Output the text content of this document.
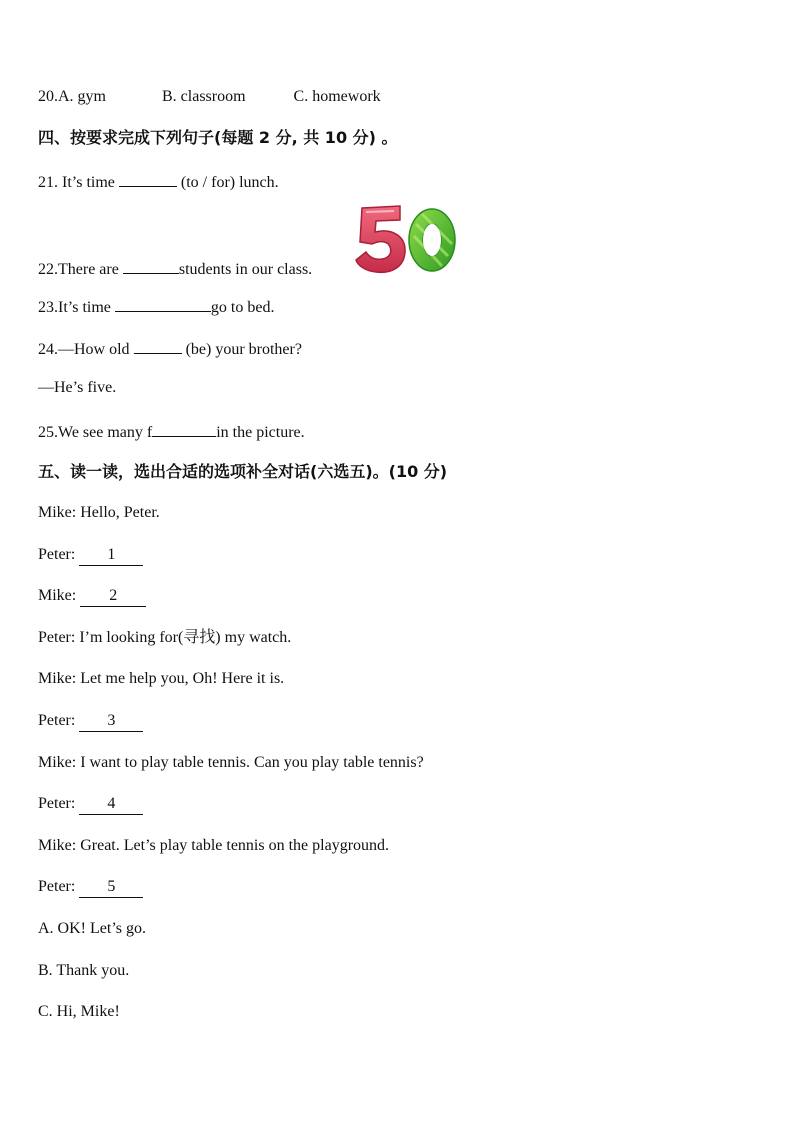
20.A. gym	B. classroom	C. homework
四、按要求完成下列句子(每题 2 分, 共 10 分) 。
21. It’s time	(to / for) lunch.
22.There are	students in our class.
23.It’s time	go to bed.
24.—How old	(be) your brother?
—He’s five.
25.We see many f	in the picture.
五、读一读，选出合适的选项补全对话(六选五)。(10 分)
Mike: Hello, Peter.
Peter: 1
Mike: 2
Peter: I’m looking for(寻找) my watch.
Mike: Let me help you, Oh! Here it is.
Peter: 3
Mike: I want to play table tennis. Can you play table tennis?
Peter: 4
Mike: Great. Let’s play table tennis on the playground.
Peter: 5
A. OK! Let’s go.
B. Thank you.
C. Hi, Mike!
